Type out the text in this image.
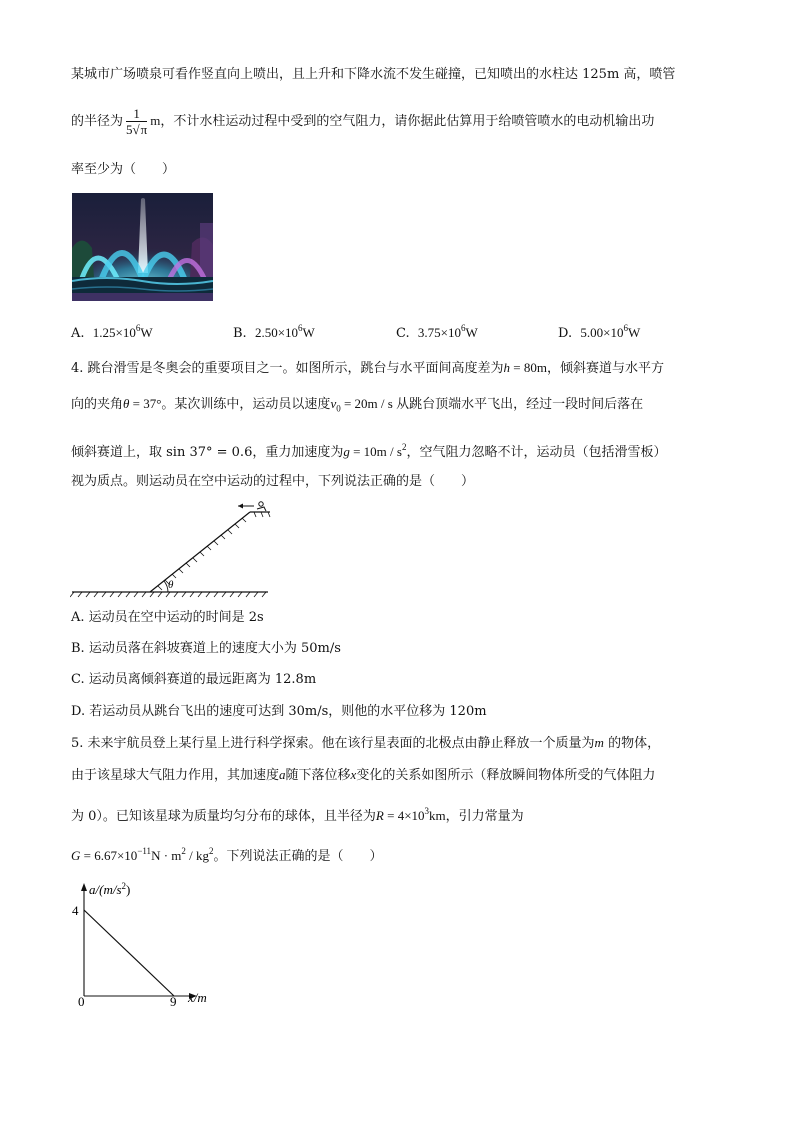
某城市广场喷泉可看作竖直向上喷出，且上升和下降水流不发生碰撞，已知喷出的水柱达 125m 高，喷管
的半径为 $\frac{1}{5√\pi}$ m，不计水柱运动过程中受到的空气阻力，请你据此估算用于给喷管喷水的电动机输出功
率至少为（　　）
A. $1.25\times 10^6W$	B. $2.50\times 10^6W$	C. $3.75\times 10^6W$	D. $5.00\times 10^6W$
4. 跳台滑雪是冬奥会的重要项目之一。如图所示，跳台与水平面间高度差为h = 80m，倾斜赛道与水平方
向的夹角θ = 37°。某次训练中，运动员以速度$v_0 = 20m / s$ 从跳台顶端水平飞出，经过一段时间后落在
倾斜赛道上，取 sin 37° = 0.6，重力加速度为$g = 10m / s^2$，空气阻力忽略不计，运动员（包括滑雪板）
视为质点。则运动员在空中运动的过程中，下列说法正确的是（　　）
θ
A. 运动员在空中运动的时间是 2s
B. 运动员落在斜坡赛道上的速度大小为 50m/s
C. 运动员离倾斜赛道的最远距离为 12.8m
D. 若运动员从跳台飞出的速度可达到 30m/s，则他的水平位移为 120m
5. 未来宇航员登上某行星上进行科学探索。他在该行星表面的北极点由静止释放一个质量为m 的物体，
由于该星球大气阻力作用，其加速度a随下落位移x变化的关系如图所示（释放瞬间物体所受的气体阻力
为 0）。已知该星球为质量均匀分布的球体，且半径为$R = 4\times 10^3km$，引力常量为
$G = 6.67\times 10^{-11}N \cdot m^2 / kg^2$。下列说法正确的是（　　）
$a/(m/s^2)$
x/m
0
4
9
